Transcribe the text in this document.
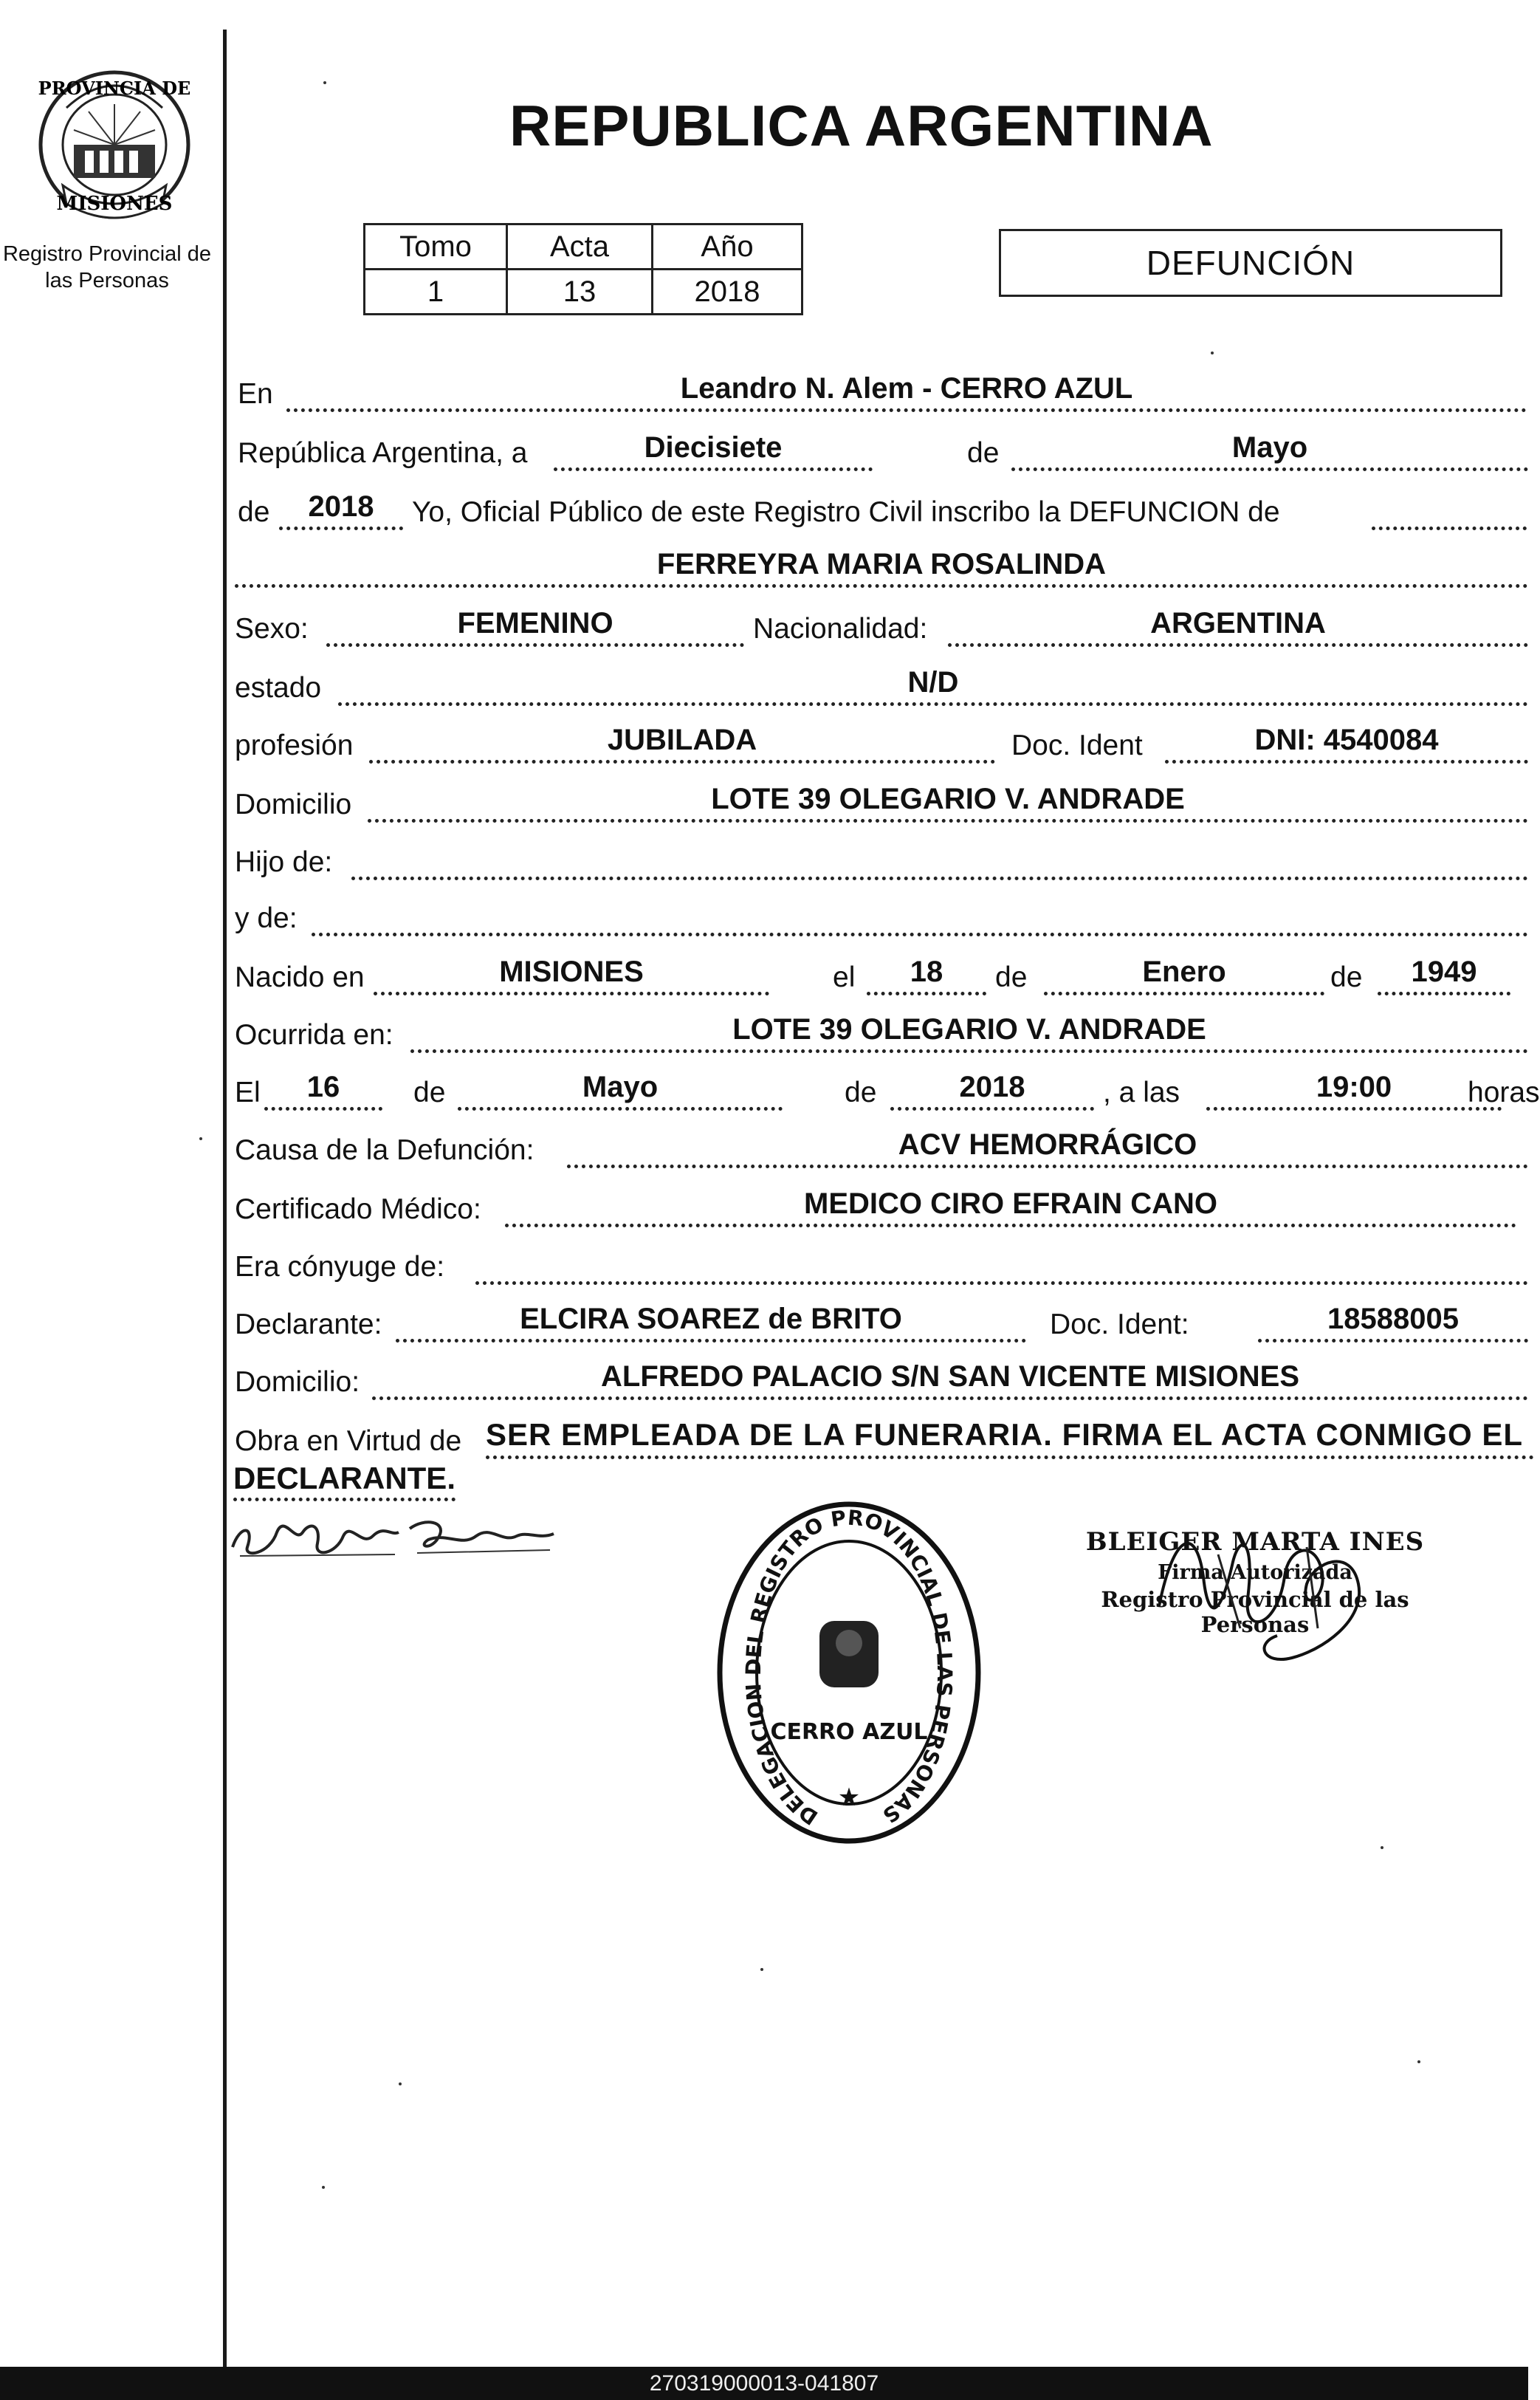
PROVINCIA DE
MISIONES
Registro Provincial de
las Personas
REPUBLICA ARGENTINA
Tomo	Acta	Año
1	13	2018
DEFUNCIÓN
En	Leandro N. Alem - CERRO AZUL
República Argentina, a	Diecisiete	de	Mayo
de	2018	Yo, Oficial Público de este Registro Civil inscribo la DEFUNCION de
FERREYRA MARIA ROSALINDA
Sexo:	FEMENINO	Nacionalidad:	ARGENTINA
estado	N/D
profesión	JUBILADA	Doc. Ident	DNI: 4540084
Domicilio	LOTE 39 OLEGARIO V. ANDRADE
Hijo de:
y de:
Nacido en	MISIONES	el	18	de	Enero	de	1949
Ocurrida en:	LOTE 39 OLEGARIO V. ANDRADE
El	16	de	Mayo	de	2018	, a las	19:00	horas
Causa de la Defunción:	ACV HEMORRÁGICO
Certificado Médico:	MEDICO CIRO EFRAIN CANO
Era cónyuge de:
Declarante:	ELCIRA SOAREZ de BRITO	Doc. Ident:	18588005
Domicilio:	ALFREDO PALACIO S/N SAN VICENTE MISIONES
Obra en Virtud de SER EMPLEADA DE LA FUNERARIA. FIRMA EL ACTA CONMIGO EL
DECLARANTE.
DELEGACION DEL REGISTRO PROVINCIAL DE LAS PERSONAS
CERRO AZUL
★
BLEIGER MARTA INES
Firma Autorizada
Registro Provincial de las Personas
270319000013-041807
